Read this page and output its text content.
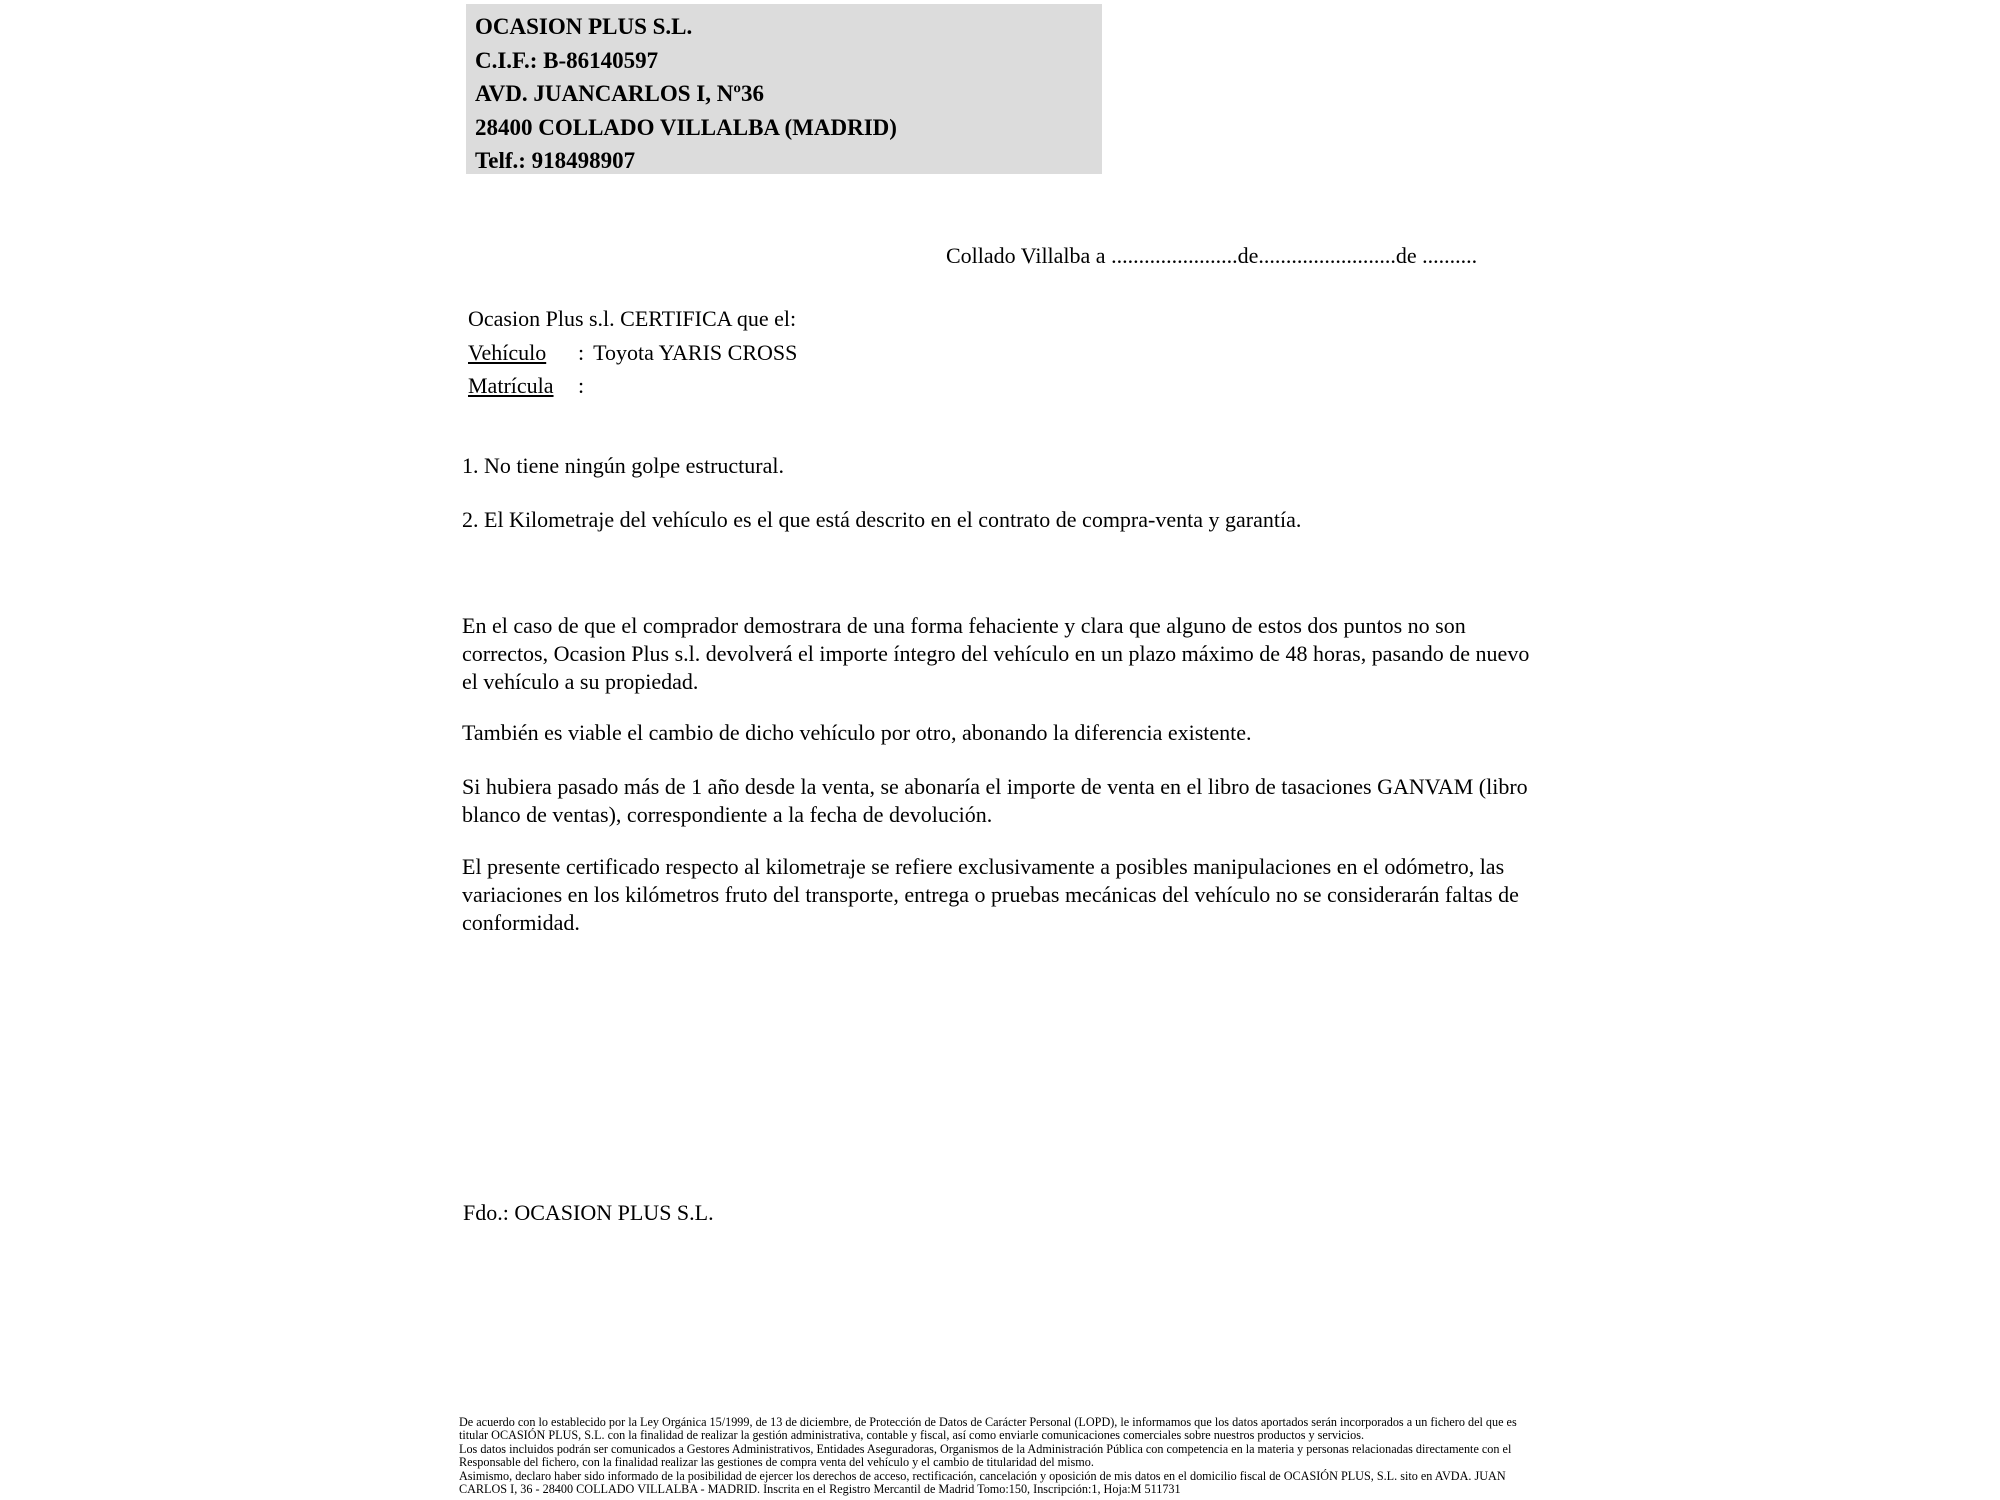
OCASION PLUS S.L.
C.I.F.: B-86140597
AVD. JUANCARLOS I, Nº36
28400 COLLADO VILLALBA (MADRID)
Telf.: 918498907
Collado Villalba a .......................de.........................de ..........
Ocasion Plus s.l. CERTIFICA que el:
Vehículo : Toyota YARIS CROSS
Matrícula :
1. No tiene ningún golpe estructural.
2. El Kilometraje del vehículo es el que está descrito en el contrato de compra-venta y garantía.
En el caso de que el comprador demostrara de una forma fehaciente y clara que alguno de estos dos puntos no son correctos, Ocasion Plus s.l. devolverá el importe íntegro del vehículo en un plazo máximo de 48 horas, pasando de nuevo el vehículo a su propiedad.
También es viable el cambio de dicho vehículo por otro, abonando la diferencia existente.
Si hubiera pasado más de 1 año desde la venta, se abonaría el importe de venta en el libro de tasaciones GANVAM (libro blanco de ventas), correspondiente a la fecha de devolución.
El presente certificado respecto al kilometraje se refiere exclusivamente a posibles manipulaciones en el odómetro, las variaciones en los kilómetros fruto del transporte, entrega o pruebas mecánicas del vehículo no se considerarán faltas de conformidad.
Fdo.: OCASION PLUS S.L.
De acuerdo con lo establecido por la Ley Orgánica 15/1999, de 13 de diciembre, de Protección de Datos de Carácter Personal (LOPD), le informamos que los datos aportados serán incorporados a un fichero del que es titular OCASIÓN PLUS, S.L. con la finalidad de realizar la gestión administrativa, contable y fiscal, así como enviarle comunicaciones comerciales sobre nuestros productos y servicios.
Los datos incluidos podrán ser comunicados a Gestores Administrativos, Entidades Aseguradoras, Organismos de la Administración Pública con competencia en la materia y personas relacionadas directamente con el Responsable del fichero, con la finalidad realizar las gestiones de compra venta del vehículo y el cambio de titularidad del mismo.
Asimismo, declaro haber sido informado de la posibilidad de ejercer los derechos de acceso, rectificación, cancelación y oposición de mis datos en el domicilio fiscal de OCASIÓN PLUS, S.L. sito en AVDA. JUAN CARLOS I, 36 - 28400 COLLADO VILLALBA - MADRID. Inscrita en el Registro Mercantil de Madrid Tomo:150, Inscripción:1, Hoja:M 511731
